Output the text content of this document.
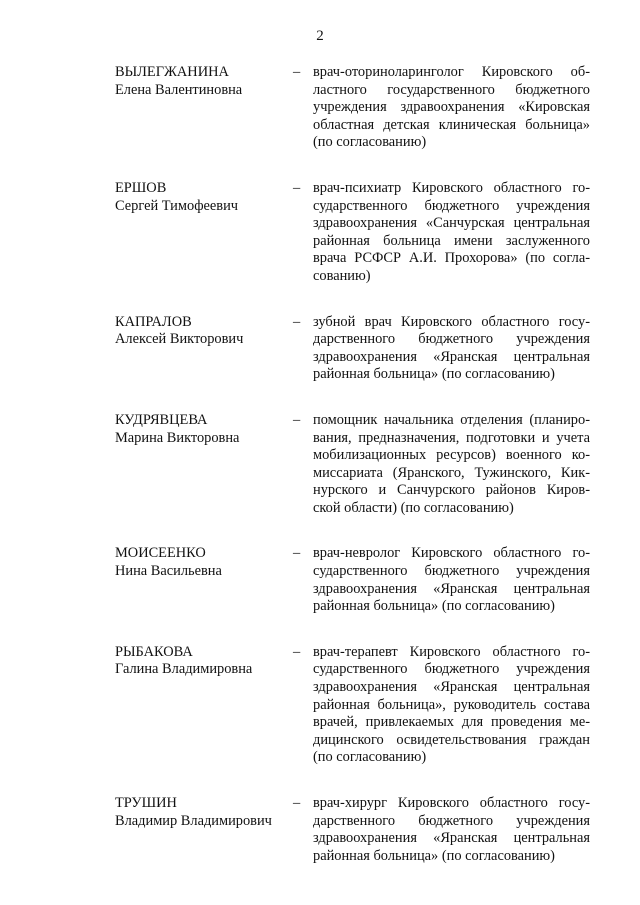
2
ВЫЛЕГЖАНИНА
Елена Валентиновна
– врач-оториноларинголог Кировского об-
ластного государственного бюджетного
учреждения здравоохранения «Кировская
областная детская клиническая больница»
(по согласованию)
ЕРШОВ
Сергей Тимофеевич
– врач-психиатр Кировского областного го-
сударственного бюджетного учреждения
здравоохранения «Санчурская центральная
районная больница имени заслуженного
врача РСФСР А.И. Прохорова» (по согла-
сованию)
КАПРАЛОВ
Алексей Викторович
– зубной врач Кировского областного госу-
дарственного бюджетного учреждения
здравоохранения «Яранская центральная
районная больница» (по согласованию)
КУДРЯВЦЕВА
Марина Викторовна
– помощник начальника отделения (планиро-
вания, предназначения, подготовки и учета
мобилизационных ресурсов) военного ко-
миссариата (Яранского, Тужинского, Кик-
нурского и Санчурского районов Киров-
ской области) (по согласованию)
МОИСЕЕНКО
Нина Васильевна
– врач-невролог Кировского областного го-
сударственного бюджетного учреждения
здравоохранения «Яранская центральная
районная больница» (по согласованию)
РЫБАКОВА
Галина Владимировна
– врач-терапевт Кировского областного го-
сударственного бюджетного учреждения
здравоохранения «Яранская центральная
районная больница», руководитель состава
врачей, привлекаемых для проведения ме-
дицинского освидетельствования граждан
(по согласованию)
ТРУШИН
Владимир Владимирович
– врач-хирург Кировского областного госу-
дарственного бюджетного учреждения
здравоохранения «Яранская центральная
районная больница» (по согласованию)
